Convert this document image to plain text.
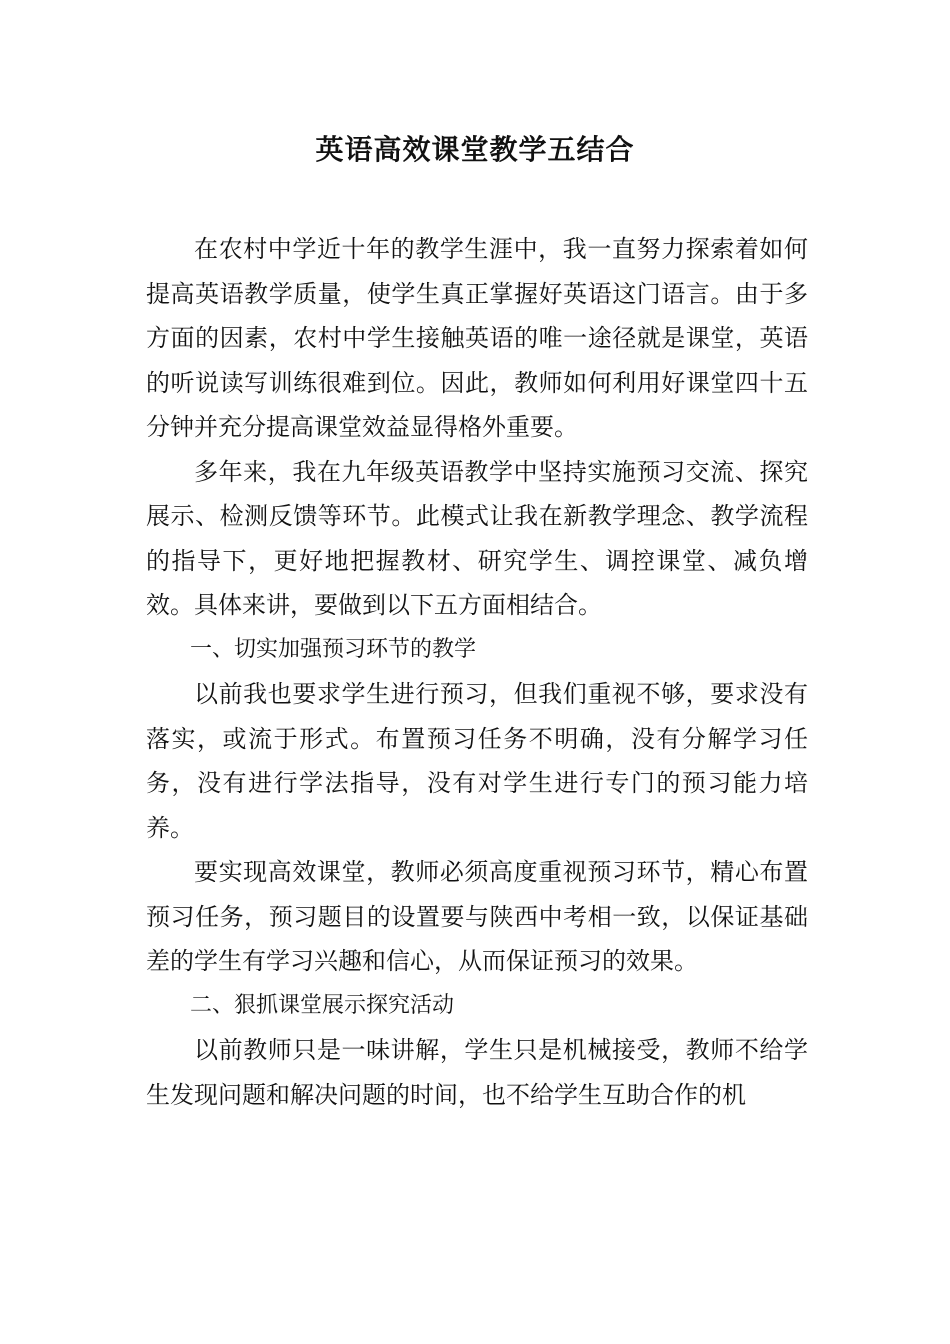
英语高效课堂教学五结合

在农村中学近十年的教学生涯中，我一直努力探索着如何提高英语教学质量，使学生真正掌握好英语这门语言。由于多方面的因素，农村中学生接触英语的唯一途径就是课堂，英语的听说读写训练很难到位。因此，教师如何利用好课堂四十五分钟并充分提高课堂效益显得格外重要。

多年来，我在九年级英语教学中坚持实施预习交流、探究展示、检测反馈等环节。此模式让我在新教学理念、教学流程的指导下，更好地把握教材、研究学生、调控课堂、减负增效。具体来讲，要做到以下五方面相结合。

一、切实加强预习环节的教学

以前我也要求学生进行预习，但我们重视不够，要求没有落实，或流于形式。布置预习任务不明确，没有分解学习任务，没有进行学法指导，没有对学生进行专门的预习能力培养。

要实现高效课堂，教师必须高度重视预习环节，精心布置预习任务，预习题目的设置要与陕西中考相一致，以保证基础差的学生有学习兴趣和信心，从而保证预习的效果。

二、狠抓课堂展示探究活动

以前教师只是一味讲解，学生只是机械接受，教师不给学生发现问题和解决问题的时间，也不给学生互助合作的机
